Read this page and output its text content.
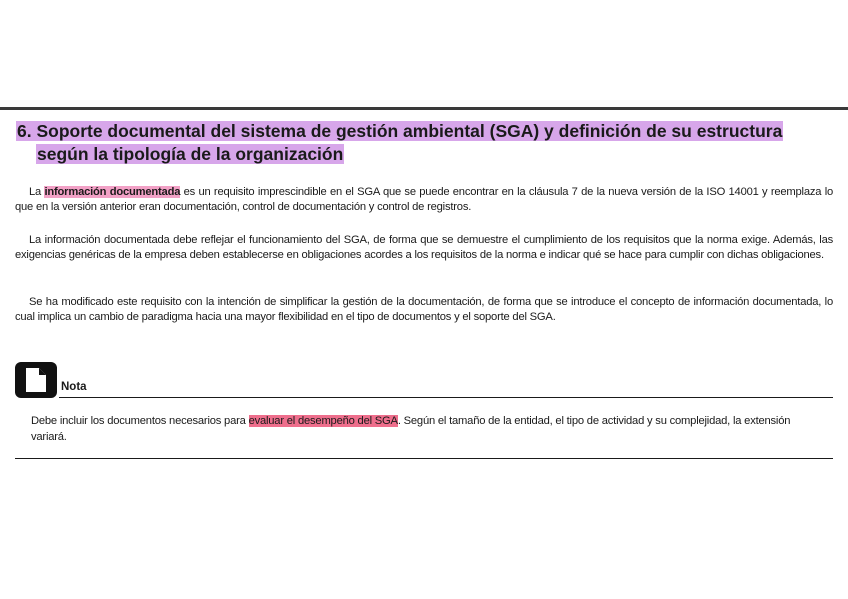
6. Soporte documental del sistema de gestión ambiental (SGA) y definición de su estructura
según la tipología de la organización
La información documentada es un requisito imprescindible en el SGA que se puede encontrar en la cláusula 7 de la nueva versión de la ISO 14001 y reemplaza lo que en la versión anterior eran documentación, control de documentación y control de registros.
La información documentada debe reflejar el funcionamiento del SGA, de forma que se demuestre el cumplimiento de los requisitos que la norma exige. Además, las exigencias genéricas de la empresa deben establecerse en obligaciones acordes a los requisitos de la norma e indicar qué se hace para cumplir con dichas obligaciones.
Se ha modificado este requisito con la intención de simplificar la gestión de la documentación, de forma que se introduce el concepto de información documentada, lo cual implica un cambio de paradigma hacia una mayor flexibilidad en el tipo de documentos y el soporte del SGA.
Nota
Debe incluir los documentos necesarios para evaluar el desempeño del SGA. Según el tamaño de la entidad, el tipo de actividad y su complejidad, la extensión variará.
